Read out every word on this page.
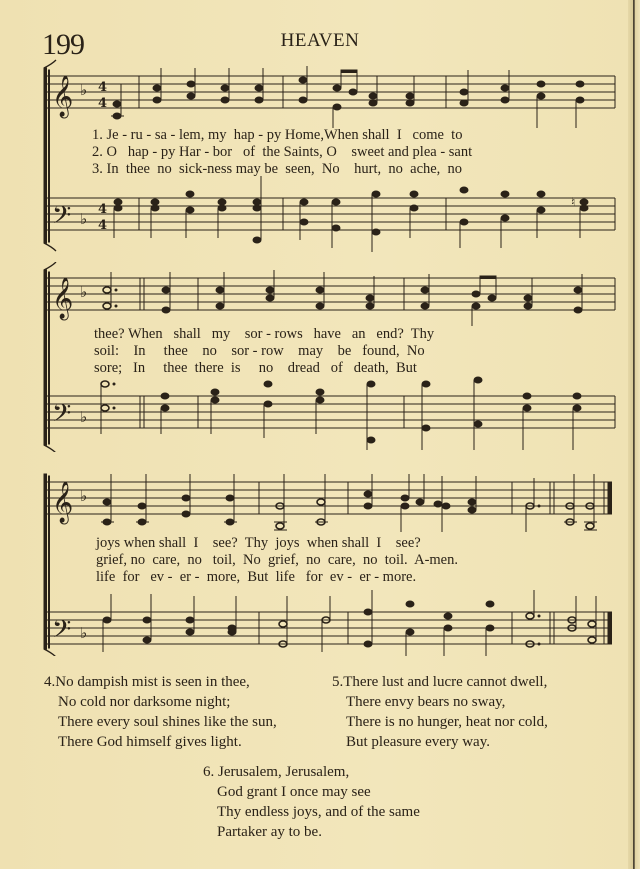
199	HEAVEN
𝄞 ♭ 4
4
𝄢 ♭
4
4
♮
1. Je - ru - sa - lem, my  hap - py Home,When shall  I   come  to
2. O   hap - py Har - bor   of  the Saints, O    sweet and plea - sant
3. In  thee  no  sick-ness may be  seen,  No    hurt,  no  ache,  no
𝄞 ♭
𝄢 ♭
thee? When   shall   my    sor - rows   have   an   end?  Thy
soil:    In     thee    no    sor - row    may    be   found,  No
sore;   In     thee  there  is     no    dread   of   death,  But
𝄞 ♭
𝄢 ♭
joys when shall  I    see?  Thy  joys  when shall  I    see?
grief, no  care,  no   toil,  No  grief,  no  care,  no  toil.  A-men.
life  for   ev -  er -  more,  But  life   for  ev -  er - more.
4.No dampish mist is seen in thee,
No cold nor darksome night;
There every soul shines like the sun,
There God himself gives light.
5.There lust and lucre cannot dwell,
There envy bears no sway,
There is no hunger, heat nor cold,
But pleasure every way.
6. Jerusalem, Jerusalem,
God grant I once may see
Thy endless joys, and of the same
Partaker ay to be.
